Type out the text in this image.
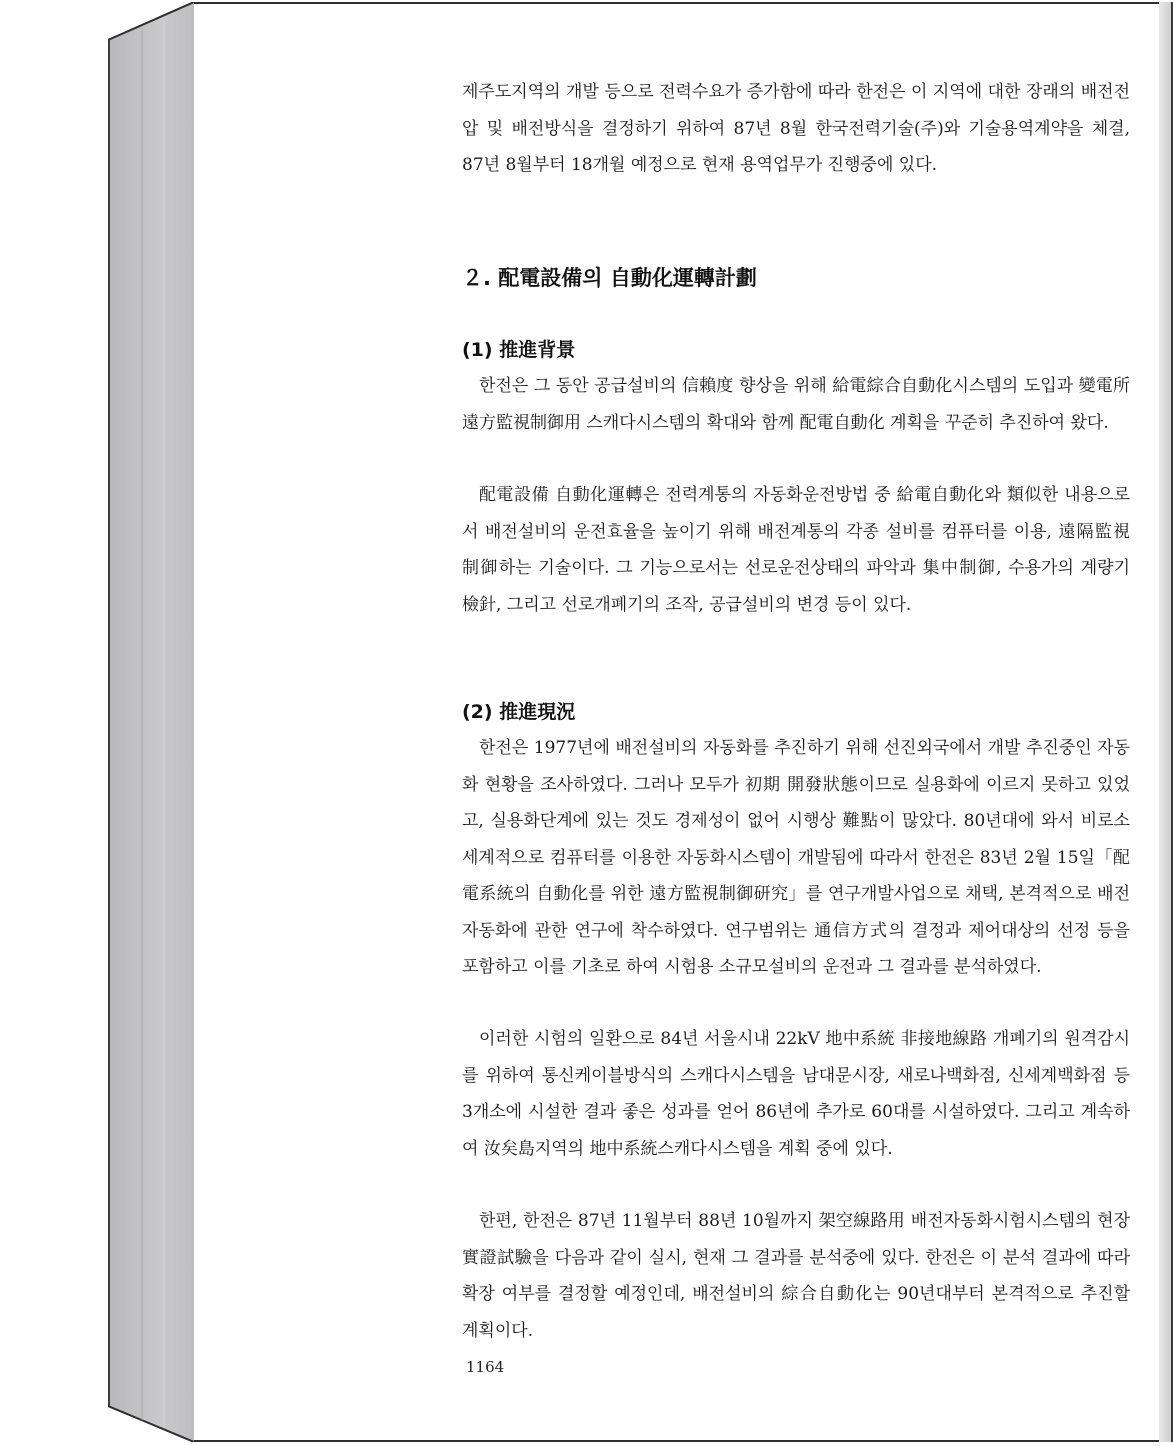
제주도지역의 개발 등으로 전력수요가 증가함에 따라 한전은 이 지역에 대한 장래의 배전전압 및 배전방식을 결정하기 위하여 87년 8월 한국전력기술(주)와 기술용역계약을 체결, 87년 8월부터 18개월 예정으로 현재 용역업무가 진행중에 있다.

２. 配電設備의 自動化運轉計劃
(1) 推進背景

한전은 그 동안 공급설비의 信賴度 향상을 위해 給電綜合自動化시스템의 도입과 變電所 遠方監視制御用 스캐다시스템의 확대와 함께 配電自動化 계획을 꾸준히 추진하여 왔다.

配電設備 自動化運轉은 전력계통의 자동화운전방법 중 給電自動化와 類似한 내용으로서 배전설비의 운전효율을 높이기 위해 배전계통의 각종 설비를 컴퓨터를 이용, 遠隔監視制御하는 기술이다. 그 기능으로서는 선로운전상태의 파악과 集中制御, 수용가의 계량기 檢針, 그리고 선로개폐기의 조작, 공급설비의 변경 등이 있다.

(2) 推進現況

한전은 1977년에 배전설비의 자동화를 추진하기 위해 선진외국에서 개발 추진중인 자동화 현황을 조사하였다. 그러나 모두가 初期 開發狀態이므로 실용화에 이르지 못하고 있었고, 실용화단계에 있는 것도 경제성이 없어 시행상 難點이 많았다. 80년대에 와서 비로소 세계적으로 컴퓨터를 이용한 자동화시스템이 개발됨에 따라서 한전은 83년 2월 15일「配電系統의 自動化를 위한 遠方監視制御研究」를 연구개발사업으로 채택, 본격적으로 배전자동화에 관한 연구에 착수하였다. 연구범위는 通信方式의 결정과 제어대상의 선정 등을 포함하고 이를 기초로 하여 시험용 소규모설비의 운전과 그 결과를 분석하였다.

이러한 시험의 일환으로 84년 서울시내 22kV 地中系統 非接地線路 개폐기의 원격감시를 위하여 통신케이블방식의 스캐다시스템을 남대문시장, 새로나백화점, 신세계백화점 등 3개소에 시설한 결과 좋은 성과를 얻어 86년에 추가로 60대를 시설하였다. 그리고 계속하여 汝矣島지역의 地中系統스캐다시스템을 계획 중에 있다.

한편, 한전은 87년 11월부터 88년 10월까지 架空線路用 배전자동화시험시스템의 현장 實證試驗을 다음과 같이 실시, 현재 그 결과를 분석중에 있다. 한전은 이 분석 결과에 따라 확장 여부를 결정할 예정인데, 배전설비의 綜合自動化는 90년대부터 본격적으로 추진할 계획이다.

1164
